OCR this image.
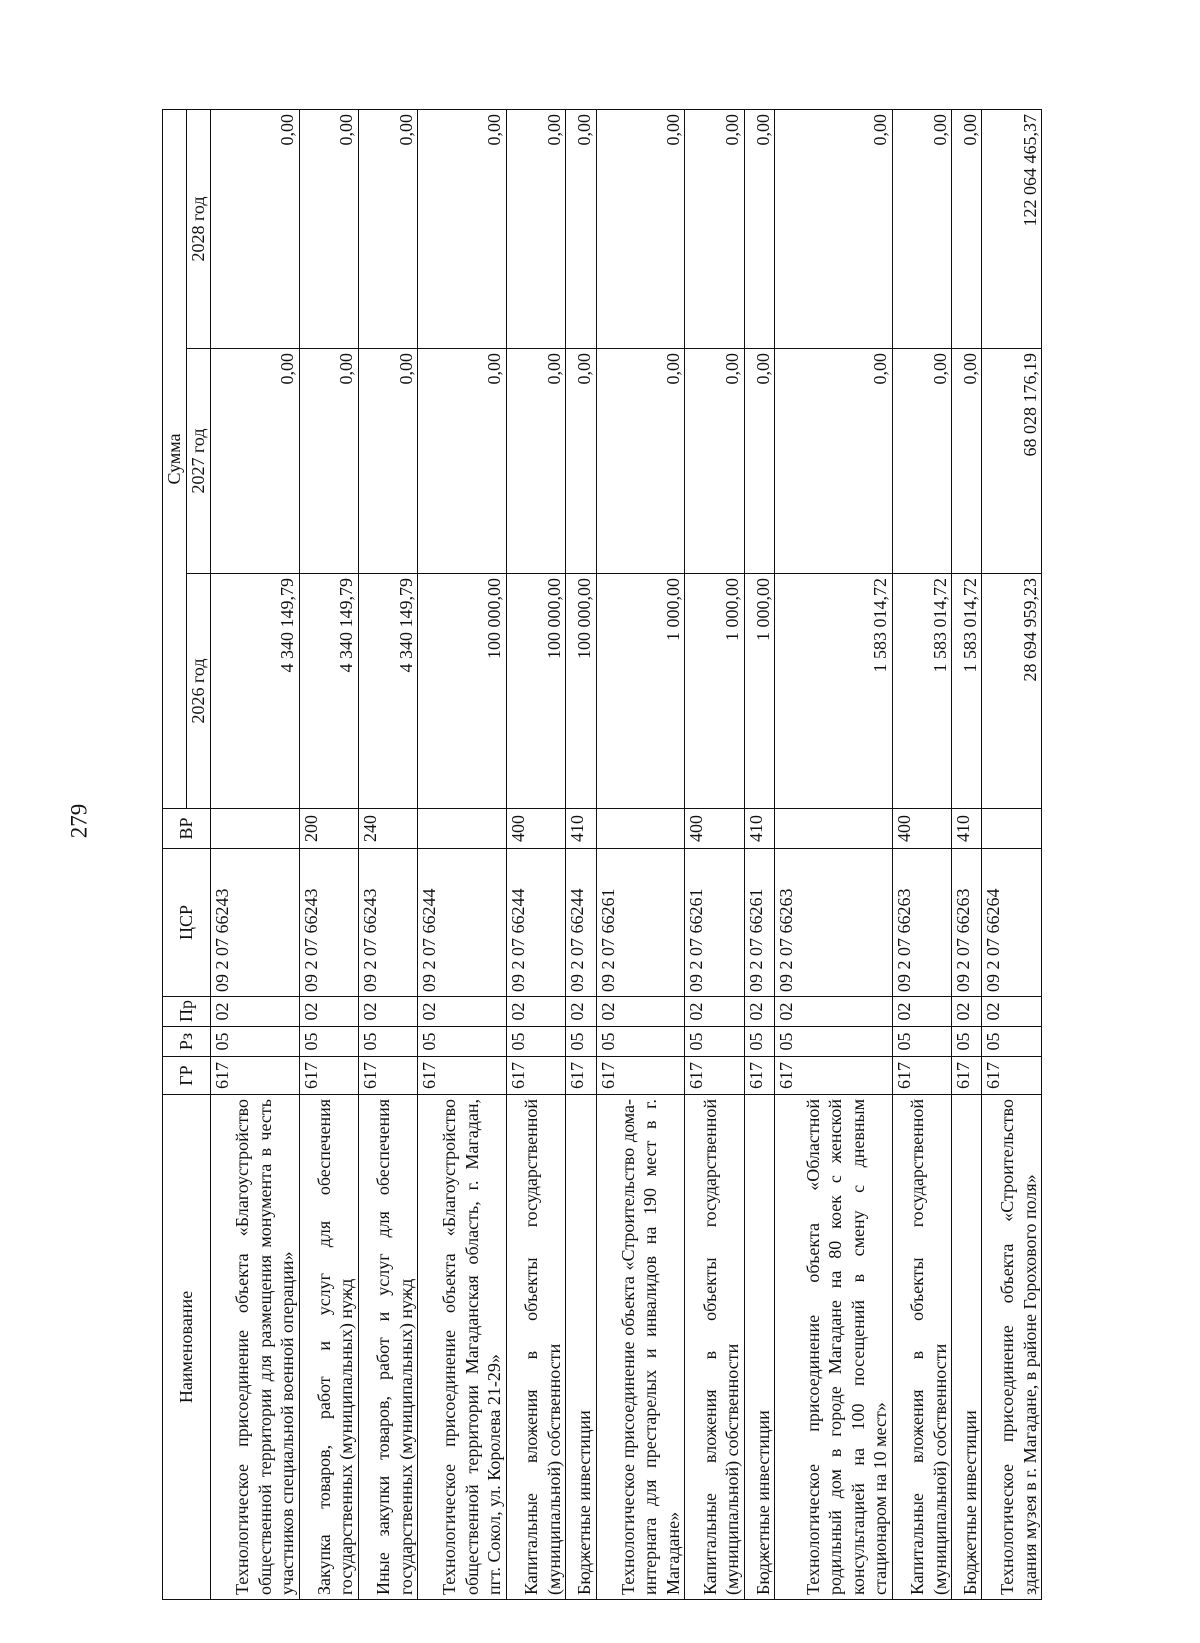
279
Наименование	ГР	Рз	Пр	ЦСР	ВР	Сумма		
						2026 год	2027 год	2028 год
Технологическое присоединение объекта «Благоустройство общественной территории для размещения монумента в честь участников специальной военной операции»	617	05	02	09 2 07 66243		4 340 149,79	0,00	0,00
Закупка товаров, работ и услуг для обеспечения государственных (муниципальных) нужд	617	05	02	09 2 07 66243	200	4 340 149,79	0,00	0,00
Иные закупки товаров, работ и услуг для обеспечения государственных (муниципальных) нужд	617	05	02	09 2 07 66243	240	4 340 149,79	0,00	0,00
Технологическое присоединение объекта «Благоустройство общественной территории Магаданская область, г. Магадан, пгт. Сокол, ул. Королева 21-29»	617	05	02	09 2 07 66244		100 000,00	0,00	0,00
Капитальные вложения в объекты государственной (муниципальной) собственности	617	05	02	09 2 07 66244	400	100 000,00	0,00	0,00
Бюджетные инвестиции	617	05	02	09 2 07 66244	410	100 000,00	0,00	0,00
Технологическое присоединение объекта «Строительство дома-интерната для престарелых и инвалидов на 190 мест в г. Магадане»	617	05	02	09 2 07 66261		1 000,00	0,00	0,00
Капитальные вложения в объекты государственной (муниципальной) собственности	617	05	02	09 2 07 66261	400	1 000,00	0,00	0,00
Бюджетные инвестиции	617	05	02	09 2 07 66261	410	1 000,00	0,00	0,00
Технологическое присоединение объекта «Областной родильный дом в городе Магадане на 80 коек с женской консультацией на 100 посещений в смену с дневным стационаром на 10 мест»	617	05	02	09 2 07 66263		1 583 014,72	0,00	0,00
Капитальные вложения в объекты государственной (муниципальной) собственности	617	05	02	09 2 07 66263	400	1 583 014,72	0,00	0,00
Бюджетные инвестиции	617	05	02	09 2 07 66263	410	1 583 014,72	0,00	0,00
Технологическое присоединение объекта «Строительство здания музея в г. Магадане, в районе Горохового поля»	617	05	02	09 2 07 66264		28 694 959,23	68 028 176,19	122 064 465,37
